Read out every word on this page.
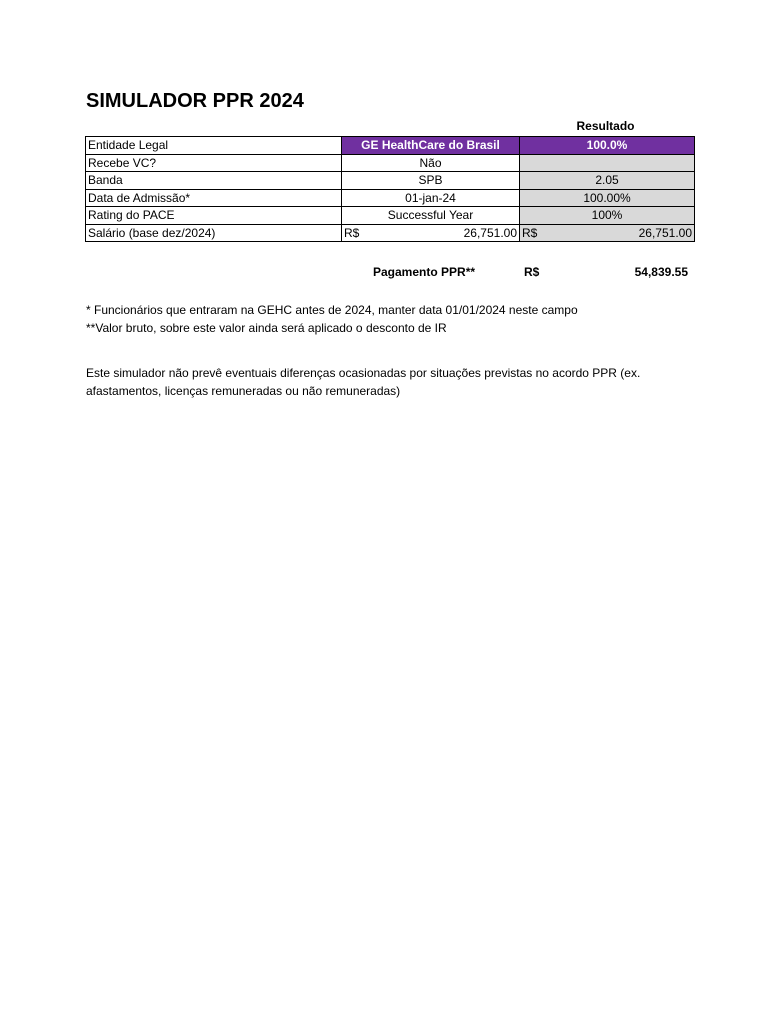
SIMULADOR PPR 2024
Resultado
Entidade Legal	GE HealthCare do Brasil	100.0%
Recebe VC?	Não	
Banda	SPB	2.05
Data de Admissão*	01-jan-24	100.00%
Rating do PACE	Successful Year	100%
Salário (base dez/2024)	R$ 26,751.00	R$ 26,751.00
Pagamento PPR**	R$	54,839.55

* Funcionários que entraram na GEHC antes de 2024, manter data 01/01/2024 neste campo

**Valor bruto, sobre este valor ainda será aplicado o desconto de IR

Este simulador não prevê eventuais diferenças ocasionadas por situações previstas no acordo PPR (ex. afastamentos, licenças remuneradas ou não remuneradas)
